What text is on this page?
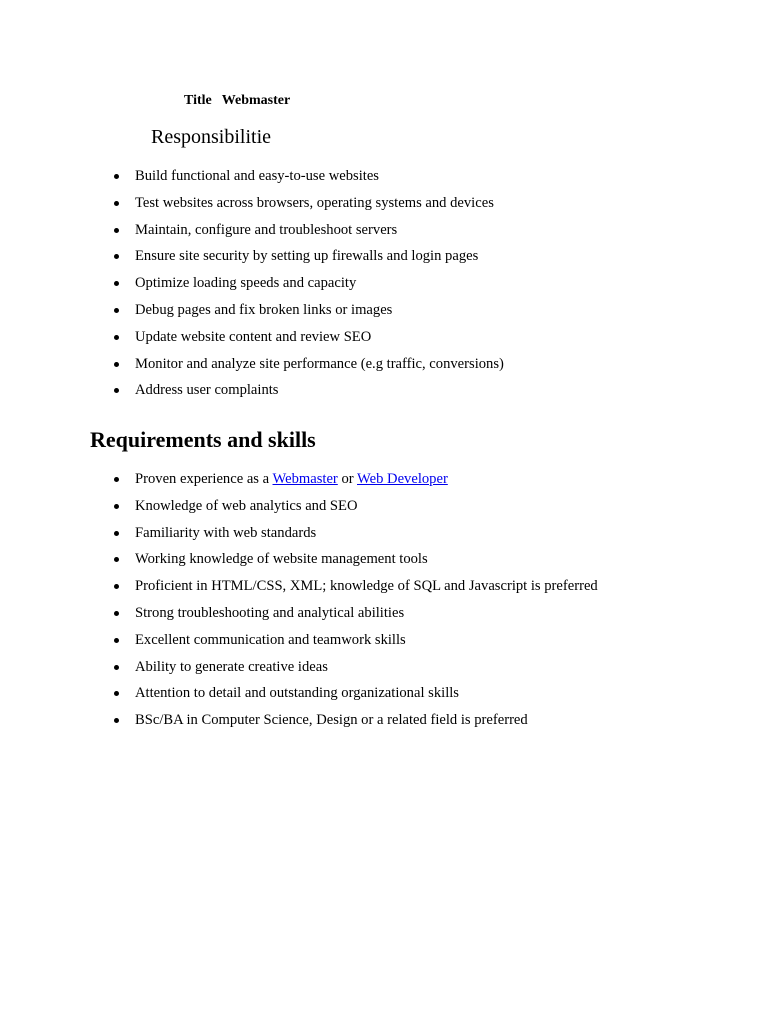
Title Webmaster
Responsibilitie
Build functional and easy-to-use websites
Test websites across browsers, operating systems and devices
Maintain, configure and troubleshoot servers
Ensure site security by setting up firewalls and login pages
Optimize loading speeds and capacity
Debug pages and fix broken links or images
Update website content and review SEO
Monitor and analyze site performance (e.g traffic, conversions)
Address user complaints
Requirements and skills
Proven experience as a Webmaster or Web Developer
Knowledge of web analytics and SEO
Familiarity with web standards
Working knowledge of website management tools
Proficient in HTML/CSS, XML; knowledge of SQL and Javascript is preferred
Strong troubleshooting and analytical abilities
Excellent communication and teamwork skills
Ability to generate creative ideas
Attention to detail and outstanding organizational skills
BSc/BA in Computer Science, Design or a related field is preferred
